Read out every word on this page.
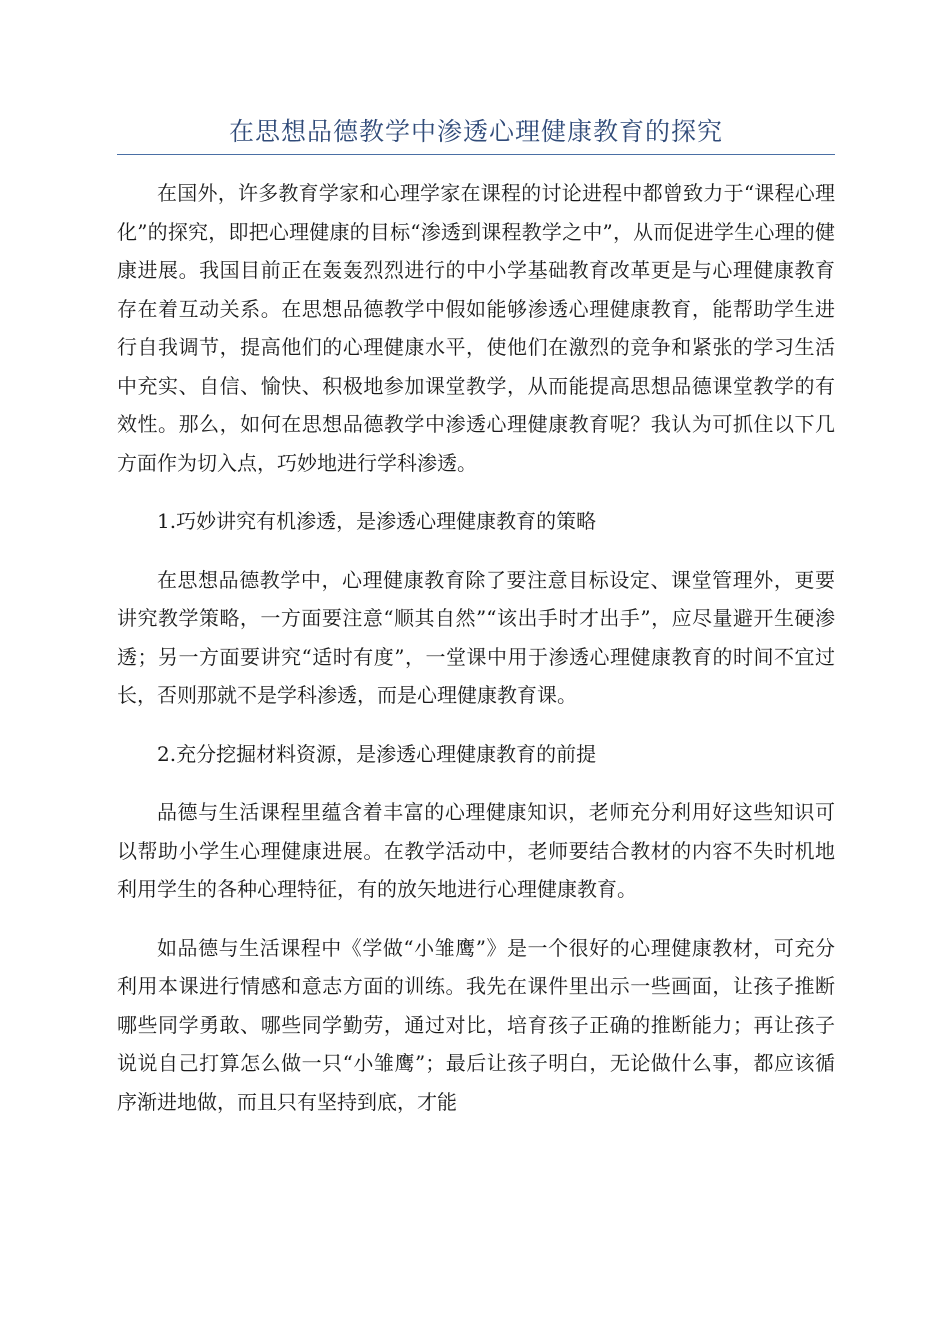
在思想品德教学中渗透心理健康教育的探究

在国外，许多教育学家和心理学家在课程的讨论进程中都曾致力于“课程心理化”的探究，即把心理健康的目标“渗透到课程教学之中”，从而促进学生心理的健康进展。我国目前正在轰轰烈烈进行的中小学基础教育改革更是与心理健康教育存在着互动关系。在思想品德教学中假如能够渗透心理健康教育，能帮助学生进行自我调节，提高他们的心理健康水平，使他们在激烈的竞争和紧张的学习生活中充实、自信、愉快、积极地参加课堂教学，从而能提高思想品德课堂教学的有效性。那么，如何在思想品德教学中渗透心理健康教育呢？我认为可抓住以下几方面作为切入点，巧妙地进行学科渗透。

1.巧妙讲究有机渗透，是渗透心理健康教育的策略

在思想品德教学中，心理健康教育除了要注意目标设定、课堂管理外，更要讲究教学策略，一方面要注意“顺其自然”“该出手时才出手”，应尽量避开生硬渗透；另一方面要讲究“适时有度”，一堂课中用于渗透心理健康教育的时间不宜过长，否则那就不是学科渗透，而是心理健康教育课。

2.充分挖掘材料资源，是渗透心理健康教育的前提

品德与生活课程里蕴含着丰富的心理健康知识，老师充分利用好这些知识可以帮助小学生心理健康进展。在教学活动中，老师要结合教材的内容不失时机地利用学生的各种心理特征，有的放矢地进行心理健康教育。

如品德与生活课程中《学做“小雏鹰”》是一个很好的心理健康教材，可充分利用本课进行情感和意志方面的训练。我先在课件里出示一些画面，让孩子推断哪些同学勇敢、哪些同学勤劳，通过对比，培育孩子正确的推断能力；再让孩子说说自己打算怎么做一只“小雏鹰”；最后让孩子明白，无论做什么事，都应该循序渐进地做，而且只有坚持到底，才能
